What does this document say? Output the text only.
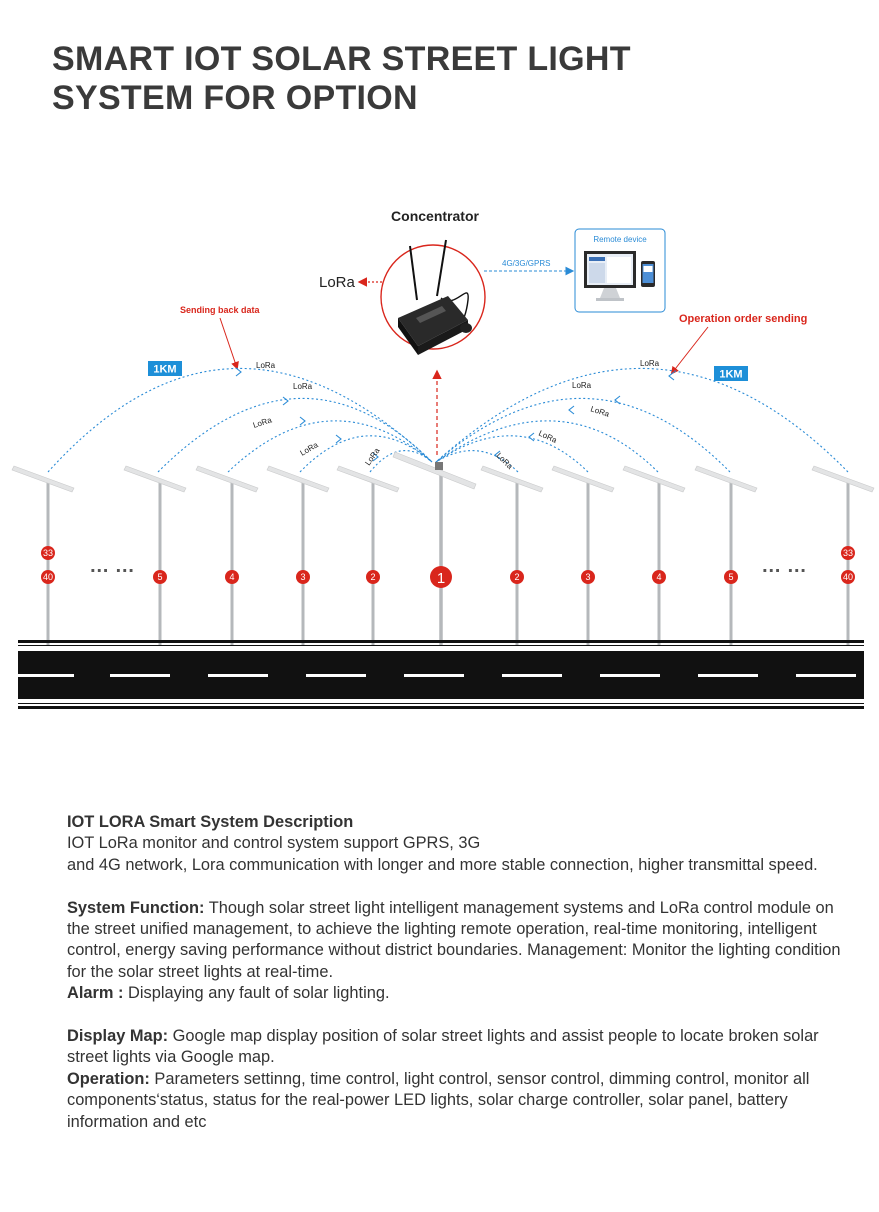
SMART IOT SOLAR STREET LIGHT
SYSTEM FOR OPTION
Concentrator
LoRa
4G/3G/GPRS
Remote device
Sending back data
Operation order sending
1KM	1KM
LoRa
LoRa
LoRa
LoRa	LoRa
LoRa
LoRa
LoRa
LoRa
LoRa
33
40	5	4	3	2	1	2	3	4	5
33
40
… …	… …

IOT LORA Smart System Description

IOT LoRa monitor and control system support GPRS, 3G

and 4G network, Lora communication with longer and more stable connection, higher transmittal speed.

System Function: Though solar street light intelligent management systems and LoRa control module on the street unified management, to achieve the lighting remote operation, real-time monitoring, intelligent control, energy saving performance without district boundaries. Management: Monitor the lighting condition for the solar street lights at real-time.

Alarm : Displaying any fault of solar lighting.

Display Map: Google map display position of solar street lights and assist people to locate broken solar street lights via Google map.

Operation: Parameters settinng, time control, light control, sensor control, dimming control, monitor all components‘status, status for the real-power LED lights, solar charge controller, solar panel, battery information and etc
